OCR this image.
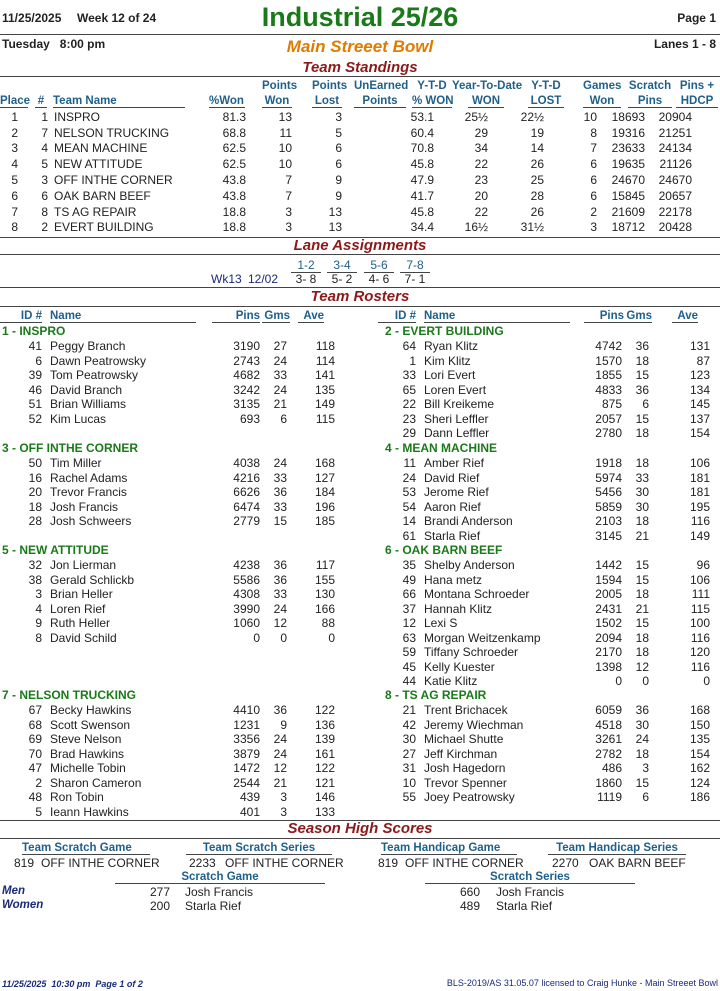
11/25/2025 Week 12 of 24	Industrial 25/26	Page 1
Tuesday   8:00 pm	Main Streeet Bowl	Lanes 1 - 8
Team Standings
Points Points UnEarned Y-T-D Year-To-Date Y-T-D Games Scratch Pins +
Place # Team Name	%Won Won Lost	Points	% WON	WON	LOST	Won	Pins	HDCP
1	1	INSPRO	81.3	13	3		53.1	25½	22½	10	18693	20904
2	7	NELSON TRUCKING	68.8	11	5		60.4	29	19	8	19316	21251
3	4	MEAN MACHINE	62.5	10	6		70.8	34	14	7	23633	24134
4	5	NEW ATTITUDE	62.5	10	6		45.8	22	26	6	19635	21126
5	3	OFF INTHE CORNER	43.8	7	9		47.9	23	25	6	24670	24670
6	6	OAK BARN BEEF	43.8	7	9		41.7	20	28	6	15845	20657
7	8	TS AG REPAIR	18.8	3	13		45.8	22	26	2	21609	22178
8	2	EVERT BUILDING	18.8	3	13		34.4	16½	31½	3	18712	20428
Lane Assignments
1-2	3-4	5-6	7-8
Wk13 12/02	3- 8	5- 2	4- 6	7- 1
Team Rosters
ID # Name	Pins Gms	Ave	ID # Name	Pins Gms	Ave
1 - INSPRO
41 Peggy Branch	3190	27	118
6 Dawn Peatrowsky	2743	24	114
39 Tom Peatrowsky	4682	33	141
46 David Branch	3242	24	135
51 Brian Williams	3135	21	149
52 Kim Lucas	693	6	115
2 - EVERT BUILDING
64 Ryan Klitz	4742	36	131
1 Kim Klitz	1570	18	87
33 Lori Evert	1855	15	123
65 Loren Evert	4833	36	134
22 Bill Kreikeme	875	6	145
23 Sheri Leffler	2057	15	137
29 Dann Leffler	2780	18	154
3 - OFF INTHE CORNER
50 Tim Miller	4038	24	168
16 Rachel Adams	4216	33	127
20 Trevor Francis	6626	36	184
18 Josh Francis	6474	33	196
28 Josh Schweers	2779	15	185
4 - MEAN MACHINE
11 Amber Rief	1918	18	106
24 David Rief	5974	33	181
53 Jerome Rief	5456	30	181
54 Aaron Rief	5859	30	195
14 Brandi Anderson	2103	18	116
61 Starla Rief	3145	21	149
5 - NEW ATTITUDE
32 Jon Lierman	4238	36	117
38 Gerald Schlickb	5586	36	155
3 Brian Heller	4308	33	130
4 Loren Rief	3990	24	166
9 Ruth Heller	1060	12	88
8 David Schild	0	0	0
6 - OAK BARN BEEF
35 Shelby Anderson	1442	15	96
49 Hana metz	1594	15	106
66 Montana Schroeder	2005	18	111
37 Hannah Klitz	2431	21	115
12 Lexi S	1502	15	100
63 Morgan Weitzenkamp	2094	18	116
59 Tiffany Schroeder	2170	18	120
45 Kelly Kuester	1398	12	116
44 Katie Klitz	0	0	0
7 - NELSON TRUCKING
67 Becky Hawkins	4410	36	122
68 Scott Swenson	1231	9	136
69 Steve Nelson	3356	24	139
70 Brad Hawkins	3879	24	161
47 Michelle Tobin	1472	12	122
2 Sharon Cameron	2544	21	121
48 Ron Tobin	439	3	146
5 Ieann Hawkins	401	3	133
8 - TS AG REPAIR
21 Trent Brichacek	6059	36	168
42 Jeremy Wiechman	4518	30	150
30 Michael Shutte	3261	24	135
27 Jeff Kirchman	2782	18	154
31 Josh Hagedorn	486	3	162
10 Trevor Spenner	1860	15	124
55 Joey Peatrowsky	1119	6	186
Season High Scores
Team Scratch Game
819 OFF INTHE CORNER
Team Scratch Series
2233 OFF INTHE CORNER
Team Handicap Game
819 OFF INTHE CORNER
Team Handicap Series
2270 OAK BARN BEEF
Scratch Game	Scratch Series
Men	277 Josh Francis	660 Josh Francis
Women	200 Starla Rief	489 Starla Rief
11/25/2025  10:30 pm  Page 1 of 2	BLS-2019/AS 31.05.07 licensed to Craig Hunke - Main Streeet Bowl
